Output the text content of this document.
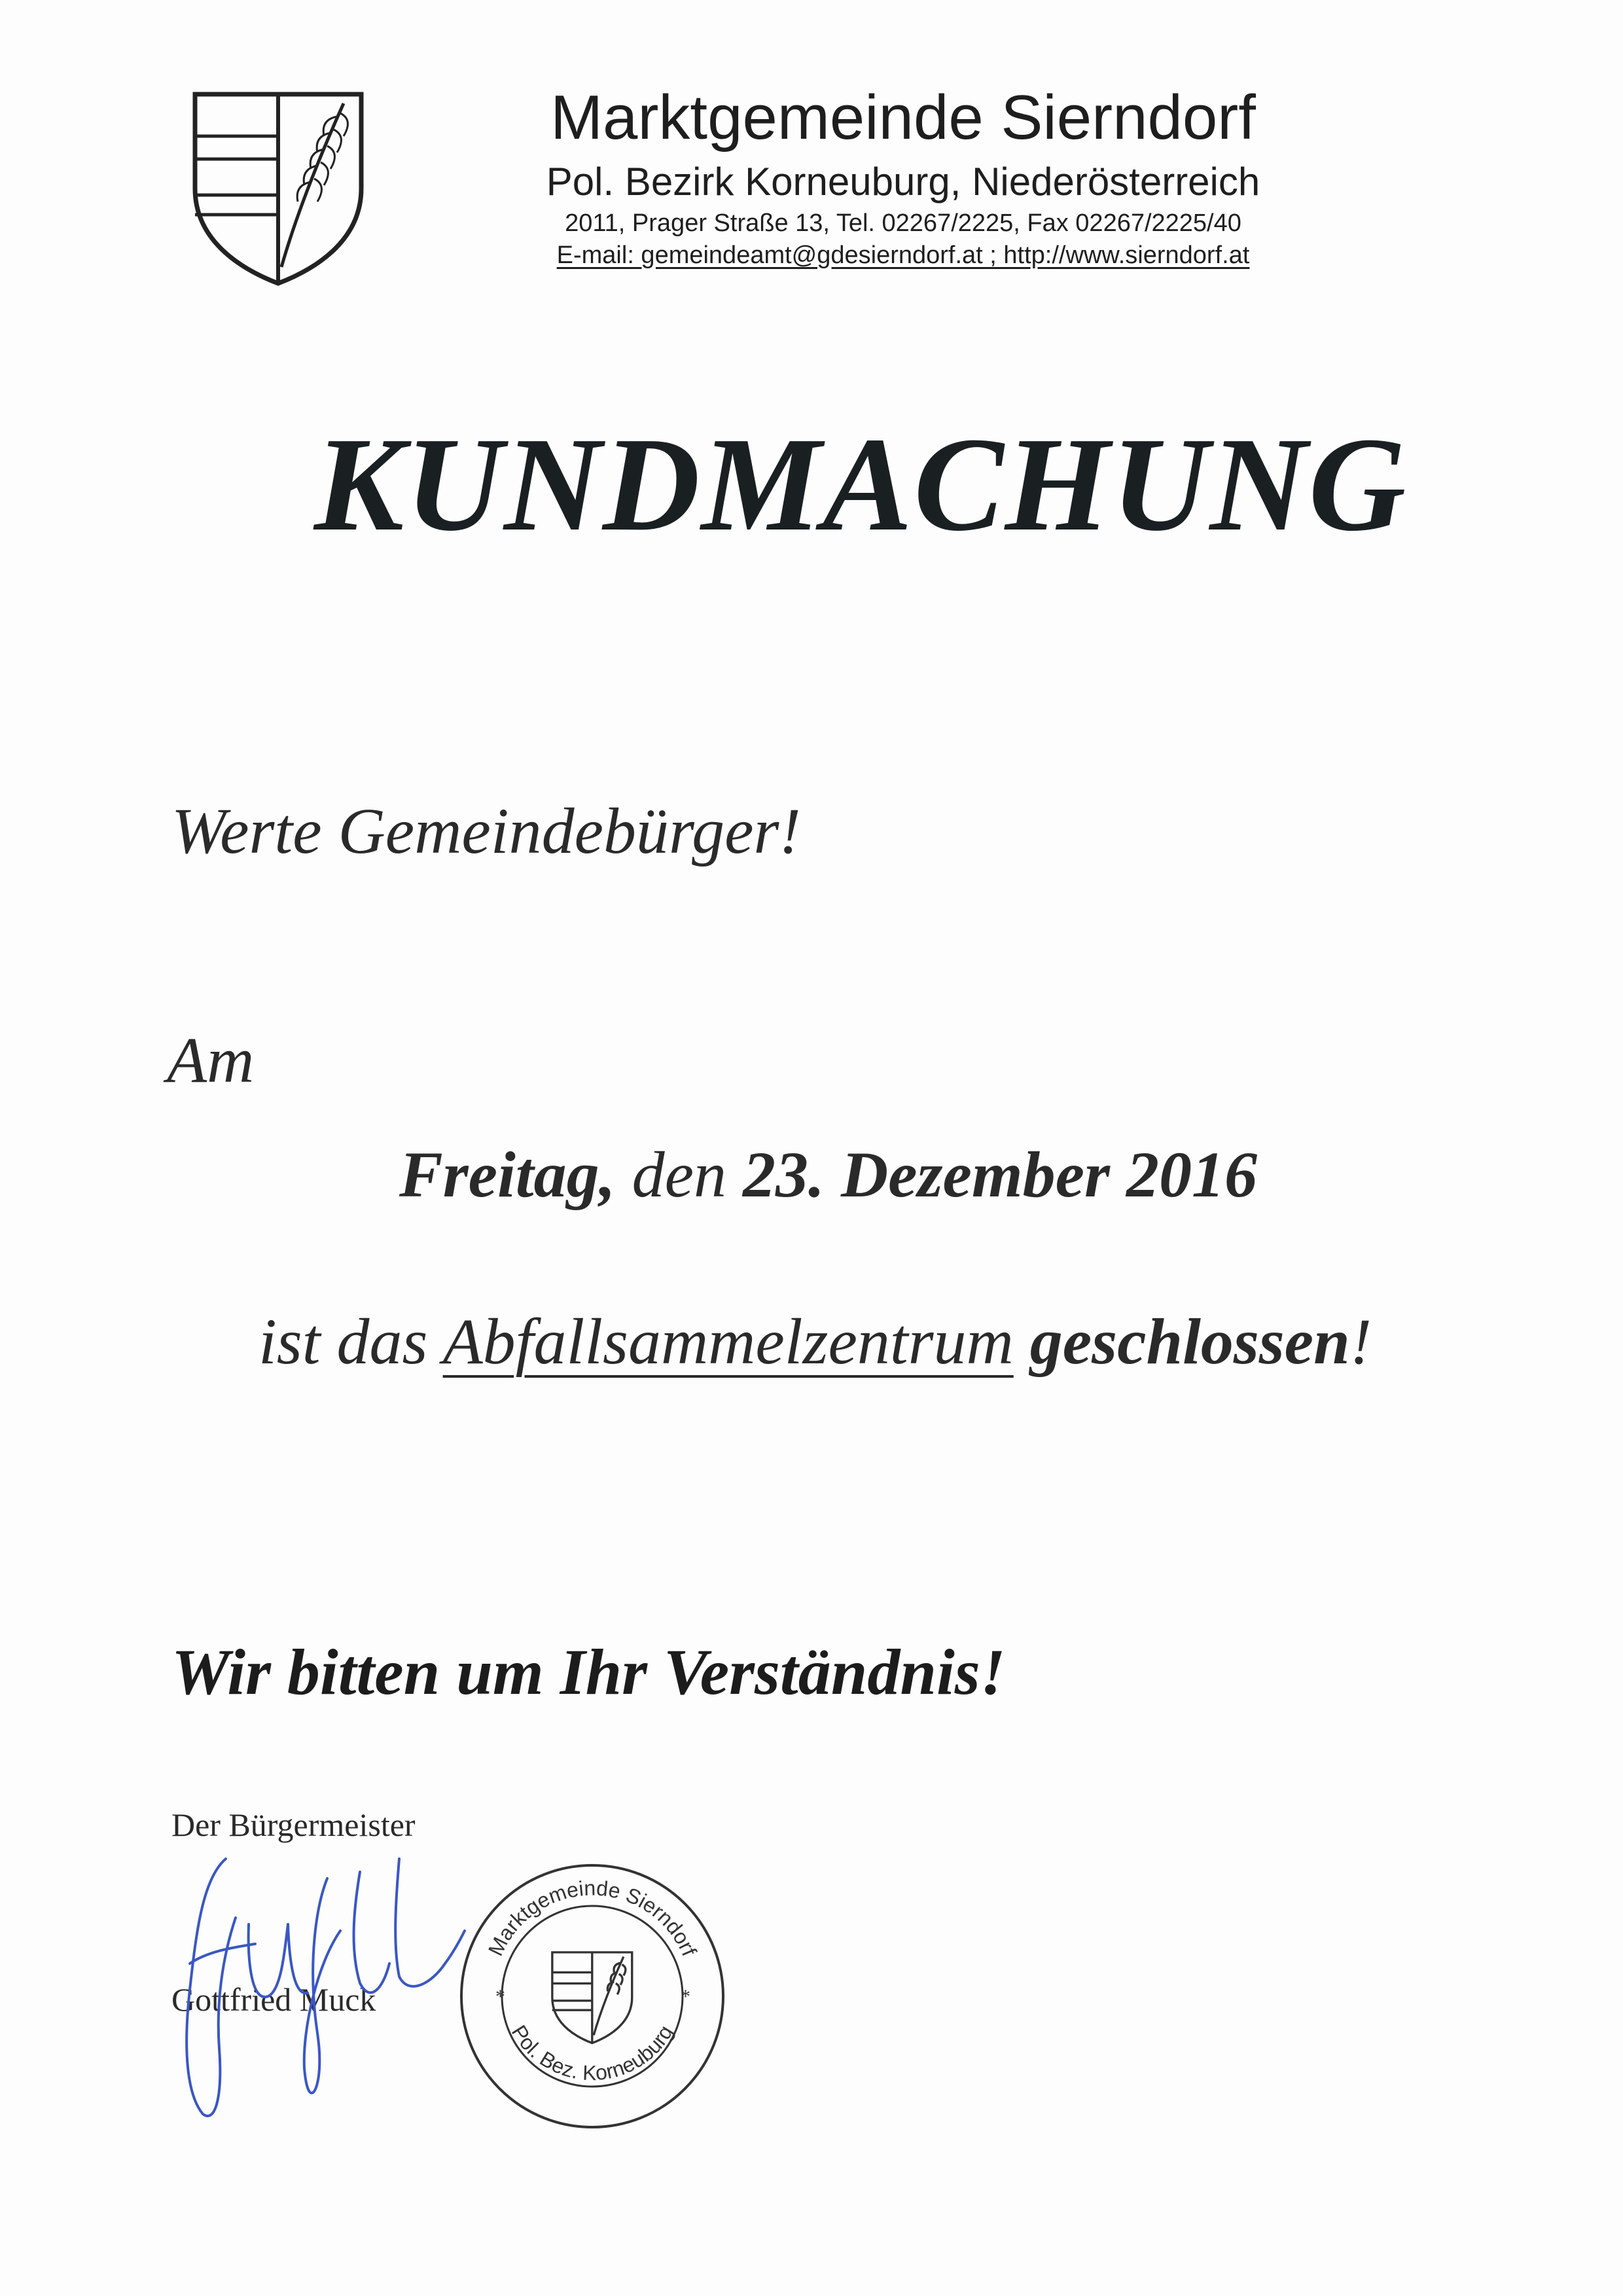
Marktgemeinde Sierndorf
Pol. Bezirk Korneuburg, Niederösterreich
2011, Prager Straße 13, Tel. 02267/2225, Fax 02267/2225/40
E-mail: gemeindeamt@gdesierndorf.at ; http://www.sierndorf.at
KUNDMACHUNG
Werte Gemeindebürger!
Am
Freitag, den 23. Dezember 2016
ist das Abfallsammelzentrum geschlossen!
Wir bitten um Ihr Verständnis!
Der Bürgermeister
Gottfried Muck
Marktgemeinde Sierndorf
Pol. Bez. Korneuburg
*	*
